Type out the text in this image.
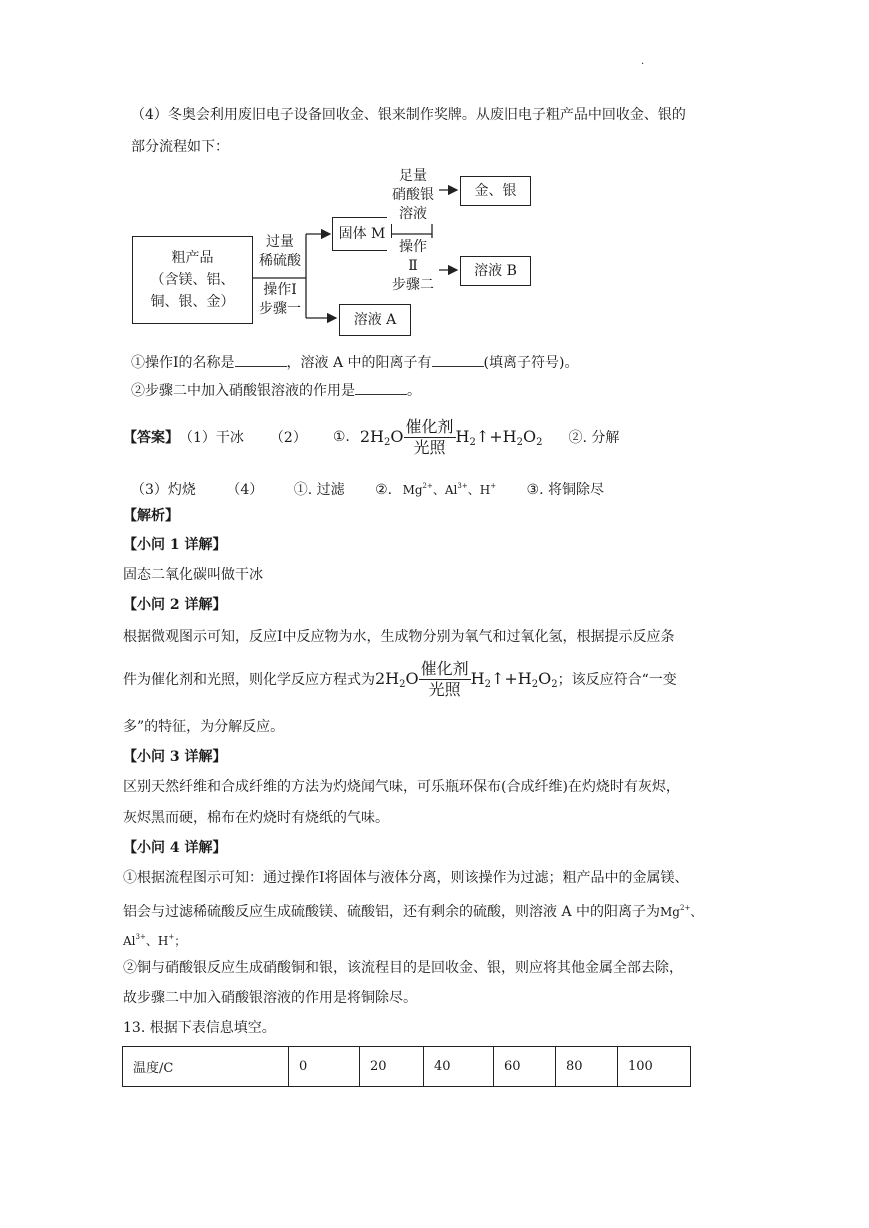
.
（4）冬奥会利用废旧电子设备回收金、银来制作奖牌。从废旧电子粗产品中回收金、银的
部分流程如下：
粗产品
（含镁、铝、
铜、银、金）
过量
稀硫酸
操作Ⅰ
步骤一
固体 M
溶液 A
足量
硝酸银
溶液
操作
Ⅱ
步骤二
金、银
溶液 B
①操作Ⅰ的名称是	，溶液 A 中的阳离子有	(填离子符号)。
②步骤二中加入硝酸银溶液的作用是	。
【答案】 （1）干冰 （2） ①. $2H_2O \frac{\text{催化剂}}{\text{光照}}$ $H_2↑+H_2O_2$ ②. 分解
（3）灼烧 （4） ①. 过滤 ②. $Mg^{2+}$、$Al^{3+}$、H+ ③. 将铜除尽
【解析】
【小问 1 详解】
固态二氧化碳叫做干冰
【小问 2 详解】
根据微观图示可知，反应Ⅰ中反应物为水，生成物分别为氧气和过氧化氢，根据提示反应条
件为催化剂和光照，则化学反应方程式为 $2H_2O \frac{\text{催化剂}}{\text{光照}}$ $H_2↑+H_2O_2$ ；该反应符合“一变
多”的特征，为分解反应。
【小问 3 详解】
区别天然纤维和合成纤维的方法为灼烧闻气味，可乐瓶环保布(合成纤维)在灼烧时有灰烬，
灰烬黑而硬，棉布在灼烧时有烧纸的气味。
【小问 4 详解】
①根据流程图示可知：通过操作Ⅰ将固体与液体分离，则该操作为过滤；粗产品中的金属镁、
铝会与过滤稀硫酸反应生成硫酸镁、硫酸铝，还有剩余的硫酸，则溶液 A 中的阳离子为$Mg^{2+}$、
$Al^{3+}$、H+；
②铜与硝酸银反应生成硝酸铜和银，该流程目的是回收金、银，则应将其他金属全部去除，
故步骤二中加入硝酸银溶液的作用是将铜除尽。
13. 根据下表信息填空。
温度/C	0	20	40	60	80	100
